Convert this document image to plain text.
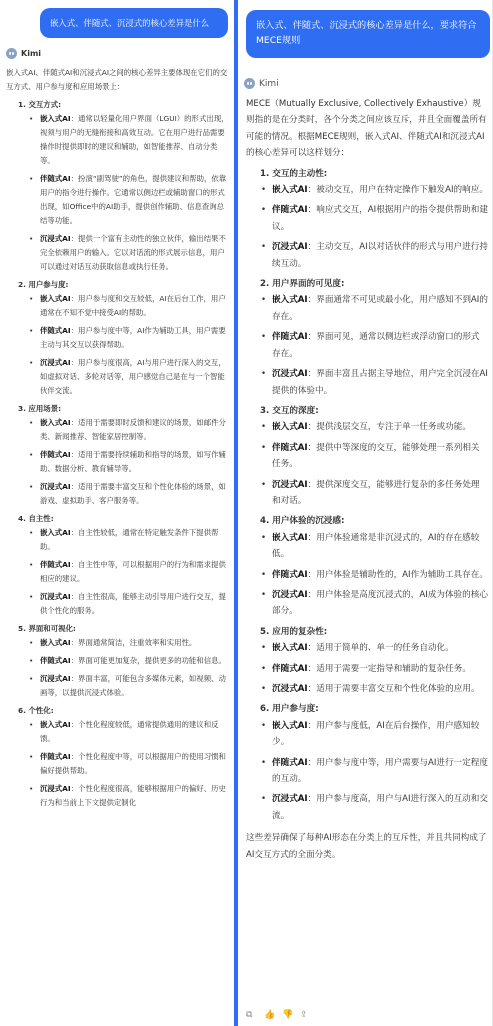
嵌入式、伴随式、沉浸式的核心差异是什么
Kimi
嵌入式AI、伴随式AI和沉浸式AI之间的核心差异主要体现在它们的交互方式、用户参与度和应用场景上：
1. 交互方式:
• 嵌入式AI：通常以轻量化用户界面（LGUI）的形式出现，视须与用户的无缝衔接和高效互动。它在用户进行品需要操作时提供即时的建议和辅助，如智能推荐、自动分类等。
• 伴随式AI：扮演“副驾驶”的角色，提供建议和帮助，依靠用户的指令进行操作。它通常以侧边栏或辅助窗口的形式出现，如Office中的AI助手，提供创作辅助、信息查询总结等功能。
• 沉浸式AI：提供一个富有主动性的独立伙伴，输出结果不完全依赖用户的输入。它以对话流的形式展示信息，用户可以通过对话互动获取信息或执行任务。
2. 用户参与度:
• 嵌入式AI：用户参与度和交互较低，AI在后台工作，用户通常在不知不觉中接受AI的帮助。
• 伴随式AI：用户参与度中等，AI作为辅助工具，用户需要主动与其交互以获得帮助。
• 沉浸式AI：用户参与度很高，AI与用户进行深入的交互，如虚拟对话、多轮对话等，用户感觉自己是在与一个智能伙伴交流。
3. 应用场景:
• 嵌入式AI：适用于需要即时反馈和建议的场景，如邮件分类、新闻推荐、智能家居控制等。
• 伴随式AI：适用于需要持续辅助和指导的场景，如写作辅助、数据分析、教育辅导等。
• 沉浸式AI：适用于需要丰富交互和个性化体验的场景，如游戏、虚拟助手、客户服务等。
4. 自主性:
• 嵌入式AI：自主性较低，通常在特定触发条件下提供帮助。
• 伴随式AI：自主性中等，可以根据用户的行为和需求提供相应的建议。
• 沉浸式AI：自主性很高，能够主动引导用户进行交互，提供个性化的服务。
5. 界面和可视化:
• 嵌入式AI：界面通常简洁，注重效率和实用性。
• 伴随式AI：界面可能更加复杂，提供更多的功能和信息。
• 沉浸式AI：界面丰富，可能包含多媒体元素，如视频、动画等，以提供沉浸式体验。
6. 个性化:
• 嵌入式AI：个性化程度较低，通常提供通用的建议和反馈。
• 伴随式AI：个性化程度中等，可以根据用户的使用习惯和偏好提供帮助。
• 沉浸式AI：个性化程度很高，能够根据用户的偏好、历史行为和当前上下文提供定制化
嵌入式、伴随式、沉浸式的核心差异是什么，要求符合MECE规则
Kimi
MECE（Mutually Exclusive, Collectively Exhaustive）规则指的是在分类时，各个分类之间应该互斥，并且全面覆盖所有可能的情况。根据MECE规则，嵌入式AI、伴随式AI和沉浸式AI的核心差异可以这样划分：
1. 交互的主动性:
• 嵌入式AI：被动交互，用户在特定操作下触发AI的响应。
• 伴随式AI：响应式交互，AI根据用户的指令提供帮助和建议。
• 沉浸式AI：主动交互，AI以对话伙伴的形式与用户进行持续互动。
2. 用户界面的可见度:
• 嵌入式AI：界面通常不可见或最小化，用户感知不到AI的存在。
• 伴随式AI：界面可见，通常以侧边栏或浮动窗口的形式存在。
• 沉浸式AI：界面丰富且占据主导地位，用户完全沉浸在AI提供的体验中。
3. 交互的深度:
• 嵌入式AI：提供浅层交互，专注于单一任务或功能。
• 伴随式AI：提供中等深度的交互，能够处理一系列相关任务。
• 沉浸式AI：提供深度交互，能够进行复杂的多任务处理和对话。
4. 用户体验的沉浸感:
• 嵌入式AI：用户体验通常是非沉浸式的，AI的存在感较低。
• 伴随式AI：用户体验是辅助性的，AI作为辅助工具存在。
• 沉浸式AI：用户体验是高度沉浸式的，AI成为体验的核心部分。
5. 应用的复杂性:
• 嵌入式AI：适用于简单的、单一的任务自动化。
• 伴随式AI：适用于需要一定指导和辅助的复杂任务。
• 沉浸式AI：适用于需要丰富交互和个性化体验的应用。
6. 用户参与度:
• 嵌入式AI：用户参与度低，AI在后台操作，用户感知较少。
• 伴随式AI：用户参与度中等，用户需要与AI进行一定程度的互动。
• 沉浸式AI：用户参与度高，用户与AI进行深入的互动和交流。
这些差异确保了每种AI形态在分类上的互斥性，并且共同构成了AI交互方式的全面分类。
⧉	👍 👎 ⇪
